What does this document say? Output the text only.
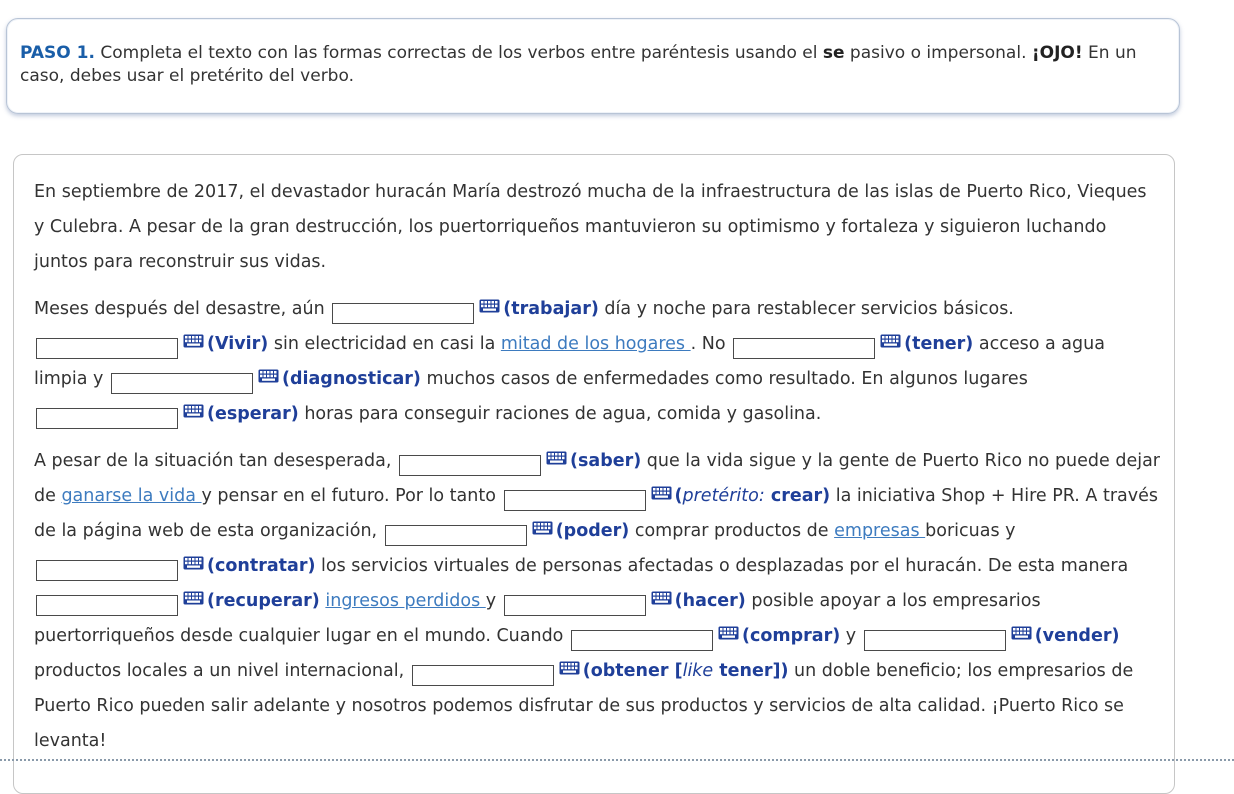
PASO 1. Completa el texto con las formas correctas de los verbos entre paréntesis usando el se pasivo o impersonal. ¡OJO! En un caso, debes usar el pretérito del verbo.

En septiembre de 2017, el devastador huracán María destrozó mucha de la infraestructura de las islas de Puerto Rico, Vieques y Culebra. A pesar de la gran destrucción, los puertorriqueños mantuvieron su optimismo y fortaleza y siguieron luchando juntos para reconstruir sus vidas.

Meses después del desastre, aún	(trabajar) día y noche para restablecer servicios básicos. (Vivir) sin electricidad en casi la mitad de los hogares . No	(tener) acceso a agua limpia y	(diagnosticar) muchos casos de enfermedades como resultado. En algunos lugares (esperar) horas para conseguir raciones de agua, comida y gasolina.

A pesar de la situación tan desesperada,	(saber) que la vida sigue y la gente de Puerto Rico no puede dejar de ganarse la vida y pensar en el futuro. Por lo tanto	(pretérito: crear) la iniciativa Shop + Hire PR. A través de la página web de esta organización,	(poder) comprar productos de empresas boricuas y (contratar) los servicios virtuales de personas afectadas o desplazadas por el huracán. De esta manera (recuperar) ingresos perdidos y	(hacer) posible apoyar a los empresarios puertorriqueños desde cualquier lugar en el mundo. Cuando	(comprar) y	(vender) productos locales a un nivel internacional,	(obtener [like tener]) un doble beneficio; los empresarios de Puerto Rico pueden salir adelante y nosotros podemos disfrutar de sus productos y servicios de alta calidad. ¡Puerto Rico se levanta!
